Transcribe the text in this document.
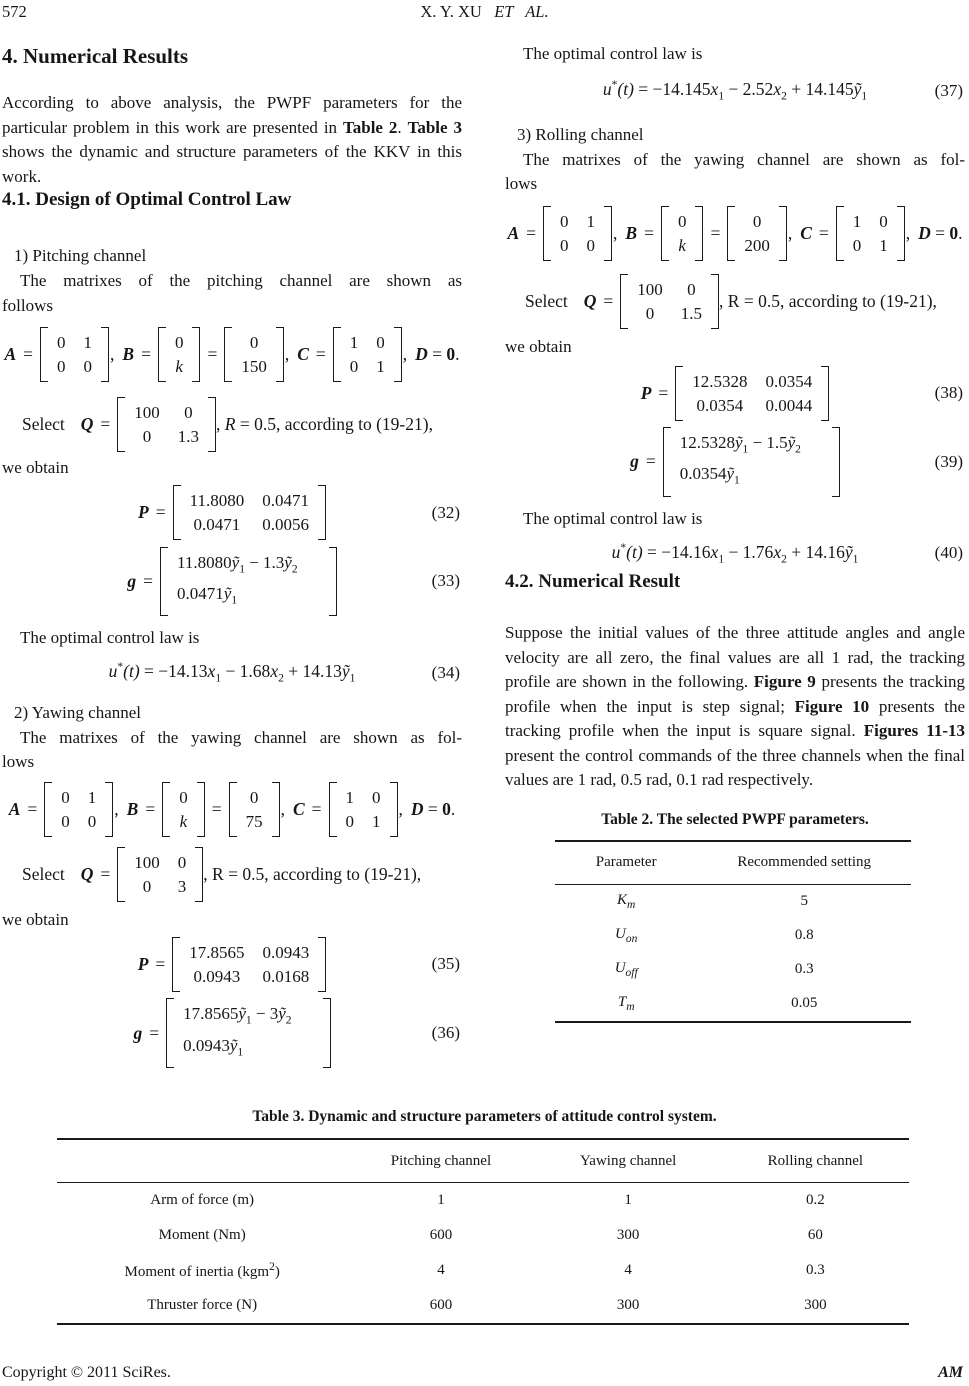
572	X. Y. XU   ET   AL.
4. Numerical Results

According to above analysis, the PWPF parameters for the particular problem in this work are presented in Table 2. Table 3 shows the dynamic and structure parameters of the KKV in this work.

4.1. Design of Optimal Control Law

1) Pitching channel

The matrixes of the pitching channel are shown as

follows

A =
0 1
0 0
, B =
0
k
=
0
150
, C =
1 0
0 1
, D = 0.
Select Q =
100 0
0 1.3
, R = 0.5, according to (19-21),

we obtain

P =
11.8080 0.0471
0.0471 0.0056
(32)
g =
11.8080ỹ$_1$ − 1.3ỹ$_2$
0.0471ỹ$_1$
(33)

The optimal control law is

$u^*(t) = -14.13x_1 - 1.68x_2$ + 14.13ỹ$_1$	(34)

2) Yawing channel

The matrixes of the yawing channel are shown as fol-

lows

A =
0 1
0 0
, B =
0
k
=
0
75
, C =
1 0
0 1
, D = 0.
Select Q =
100 0
0 3
, R = 0.5, according to (19-21),

we obtain

P =
17.8565 0.0943
0.0943 0.0168
(35)
g =
17.8565ỹ$_1$ − 3ỹ$_2$
0.0943ỹ$_1$
(36)

The optimal control law is

$u^*(t) = -14.145x_1 - 2.52x_2$ + 14.145ỹ$_1$	(37)

3) Rolling channel

The matrixes of the yawing channel are shown as fol-

lows

A =
0 1
0 0
, B =
0
k
=
0
200
, C =
1 0
0 1
, D = 0.
Select Q =
100 0
0 1.5
, R = 0.5, according to (19-21),

we obtain

P =
12.5328 0.0354
0.0354 0.0044
(38)
g =
12.5328ỹ$_1$ − 1.5ỹ$_2$
0.0354ỹ$_1$
(39)

The optimal control law is

$u^*(t) = -14.16x_1 - 1.76x_2$ + 14.16ỹ$_1$	(40)
4.2. Numerical Result

Suppose the initial values of the three attitude angles and angle velocity are all zero, the final values are all 1 rad, the tracking profile are shown in the following. Figure 9 presents the tracking profile when the input is step signal; Figure 10 presents the tracking profile when the input is square signal. Figures 11-13 present the control commands of the three channels when the final values are 1 rad, 0.5 rad, 0.1 rad respectively.

Table 2. The selected PWPF parameters.
Parameter	Recommended setting
$K_m$	5
$U_{on}$	0.8
$U_{off}$	0.3
$T_m$	0.05
Table 3. Dynamic and structure parameters of attitude control system.
	Pitching channel	Yawing channel	Rolling channel
Arm of force (m)	1	1	0.2
Moment (Nm)	600	300	60
Moment of inertia (kgm$^2$)	4	4	0.3
Thruster force (N)	600	300	300
Copyright © 2011 SciRes.	AM
